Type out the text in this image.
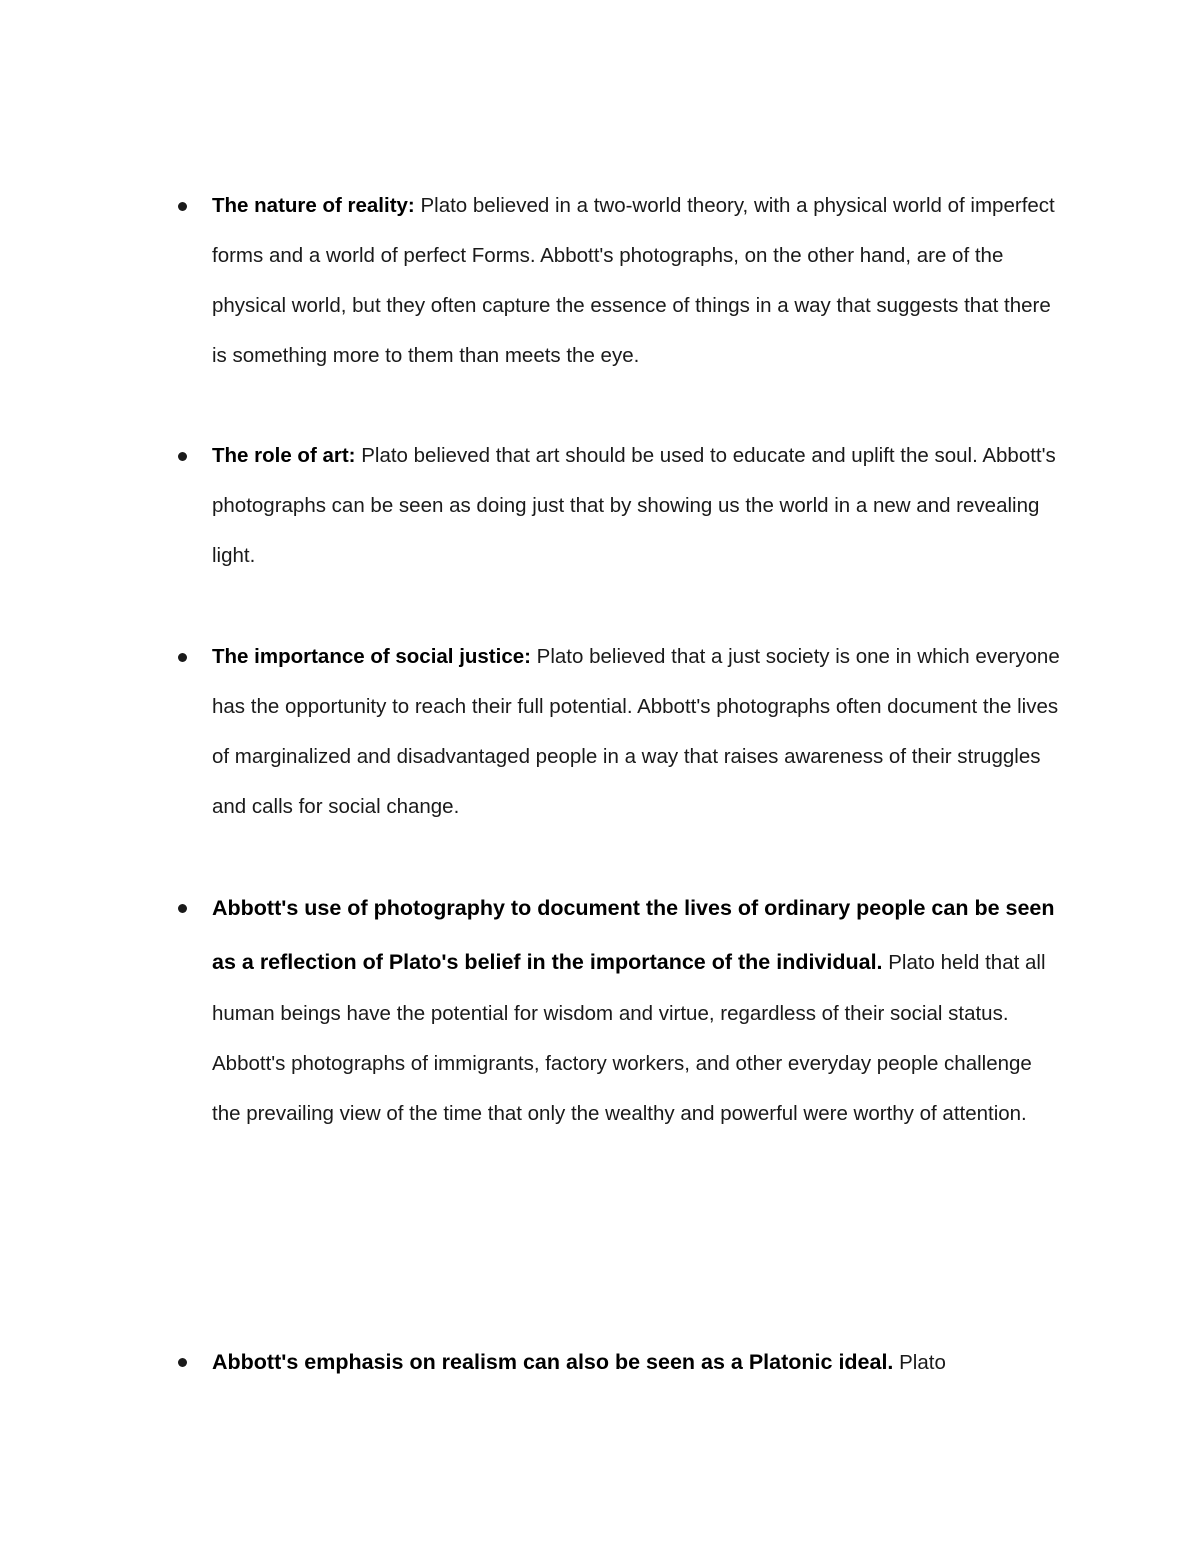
The nature of reality: Plato believed in a two-world theory, with a physical world of imperfect forms and a world of perfect Forms. Abbott's photographs, on the other hand, are of the physical world, but they often capture the essence of things in a way that suggests that there is something more to them than meets the eye.
The role of art: Plato believed that art should be used to educate and uplift the soul. Abbott's photographs can be seen as doing just that by showing us the world in a new and revealing light.
The importance of social justice: Plato believed that a just society is one in which everyone has the opportunity to reach their full potential. Abbott's photographs often document the lives of marginalized and disadvantaged people in a way that raises awareness of their struggles and calls for social change.
Abbott's use of photography to document the lives of ordinary people can be seen as a reflection of Plato's belief in the importance of the individual. Plato held that all human beings have the potential for wisdom and virtue, regardless of their social status. Abbott's photographs of immigrants, factory workers, and other everyday people challenge the prevailing view of the time that only the wealthy and powerful were worthy of attention.
Abbott's emphasis on realism can also be seen as a Platonic ideal. Plato
